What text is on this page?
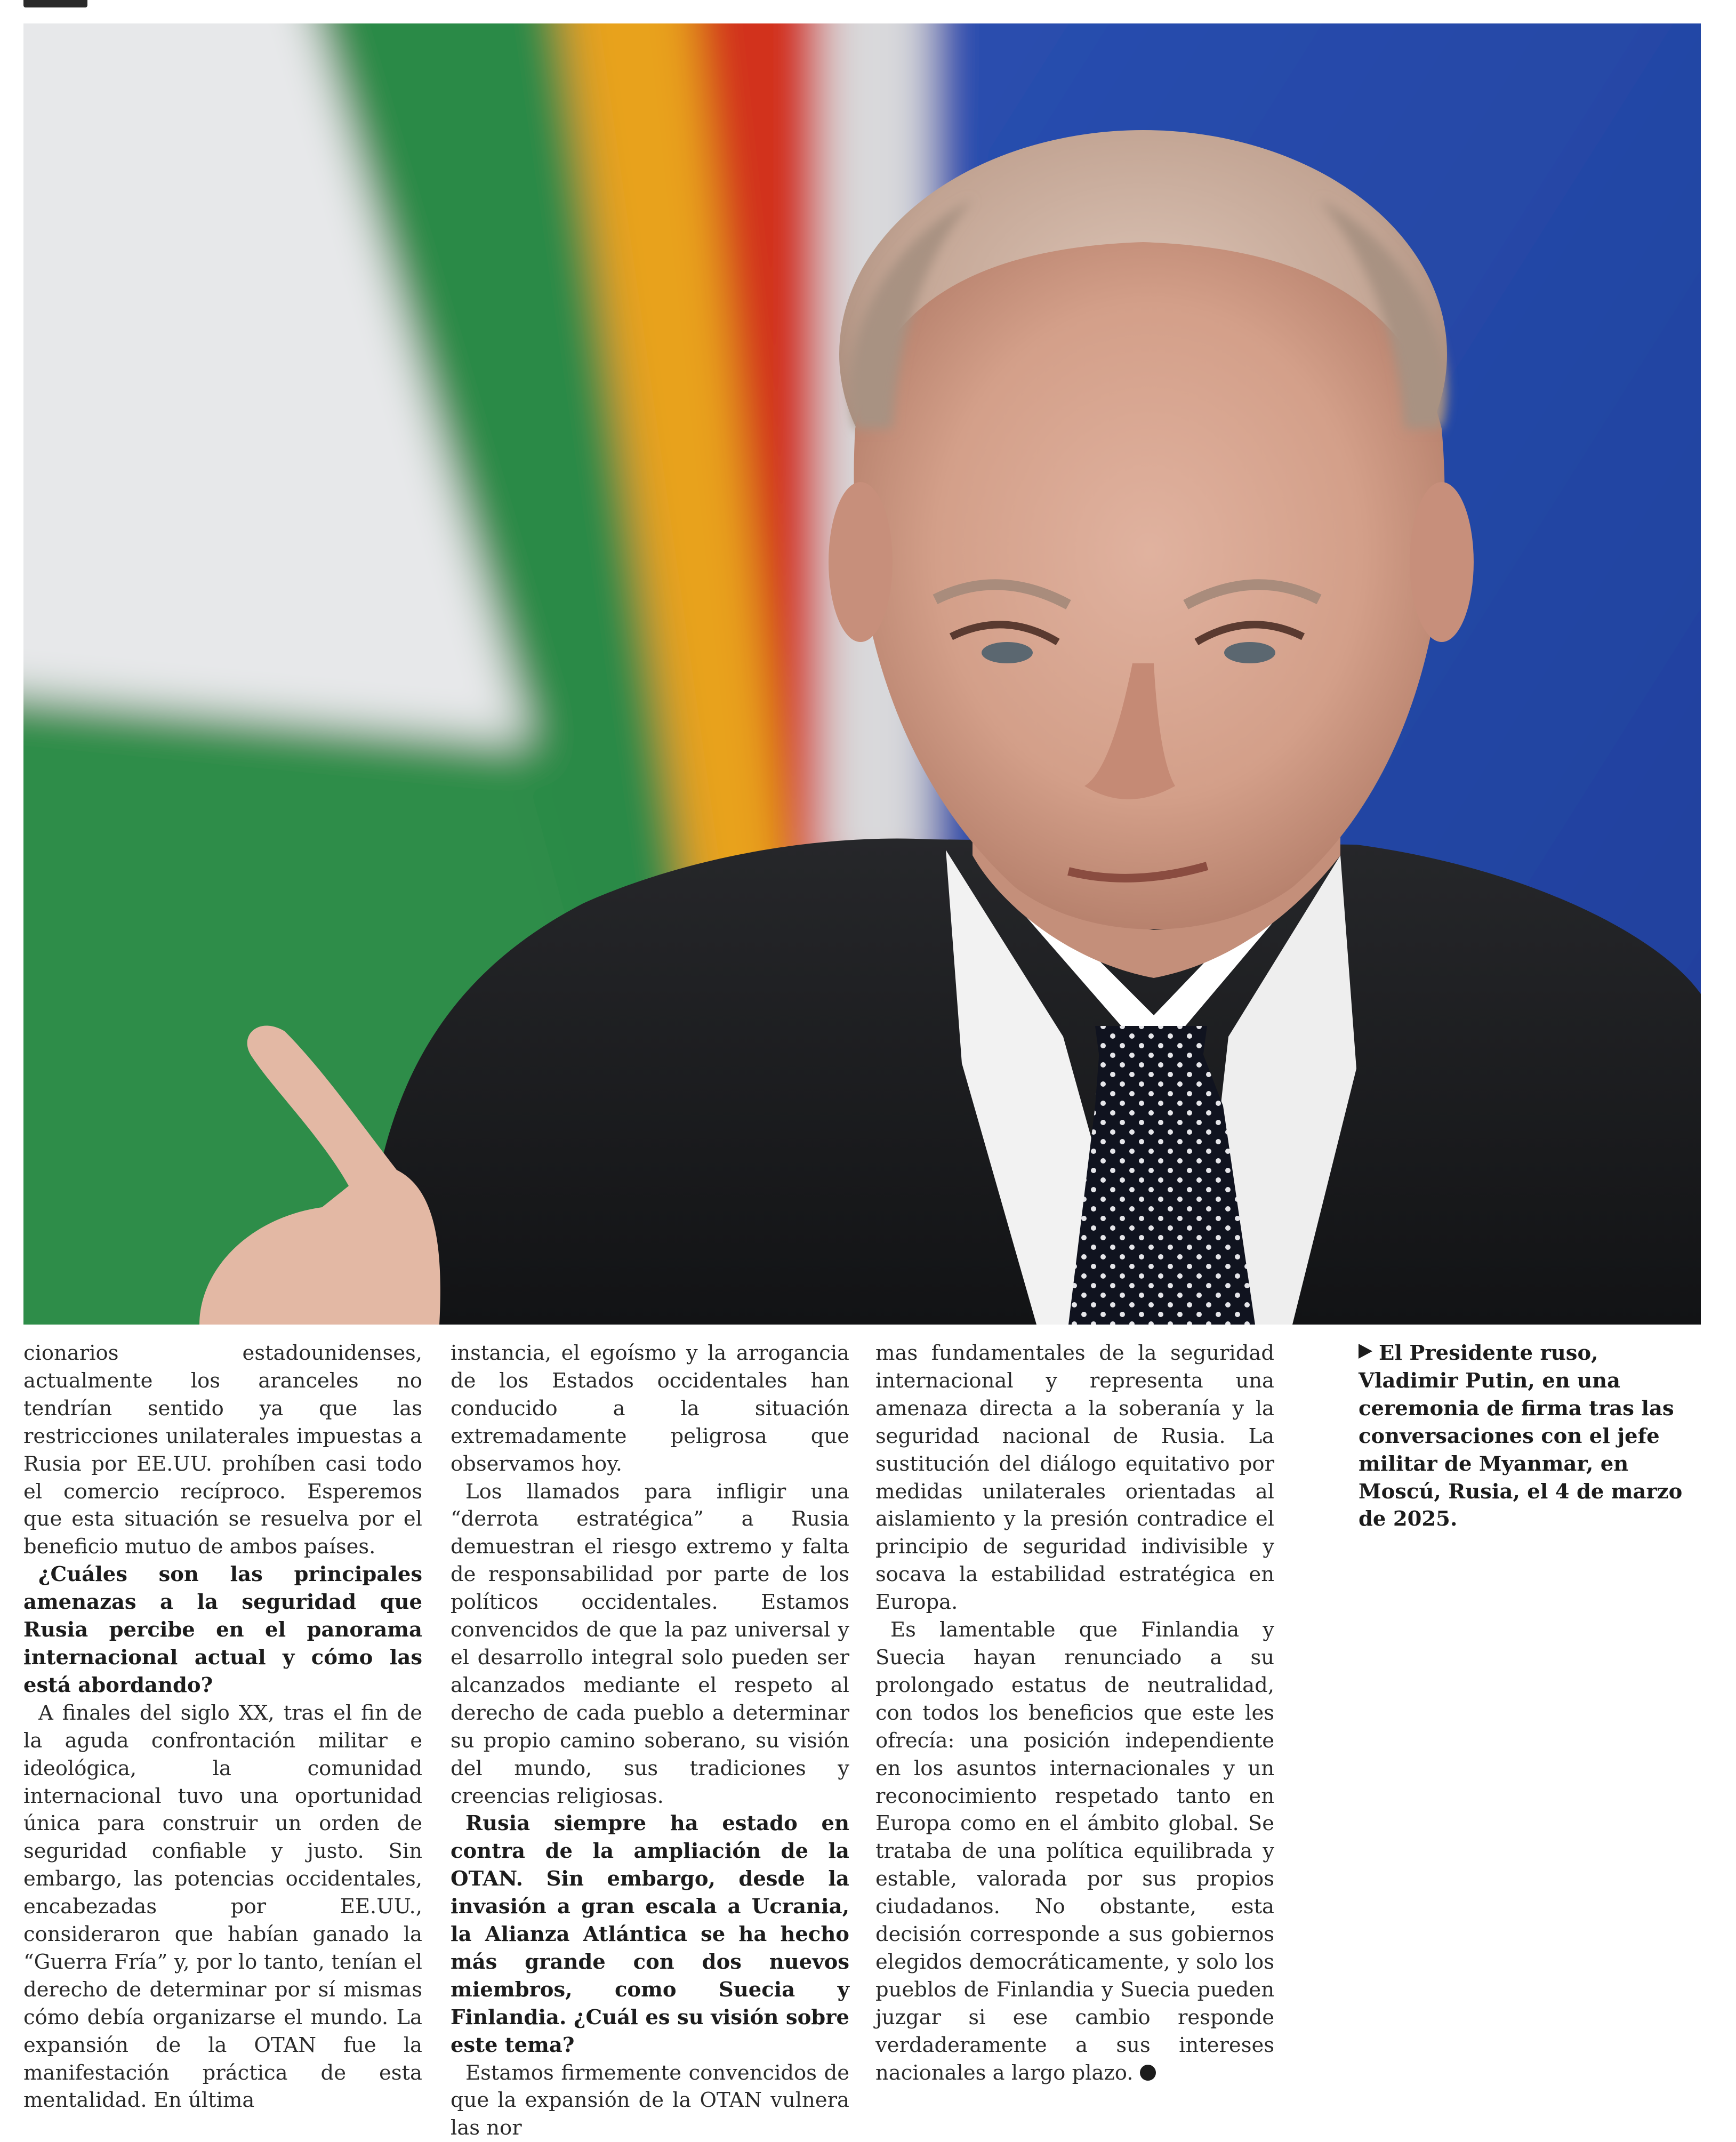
cionarios estadounidenses, actualmente los aranceles no tendrían sentido ya que las restricciones unilaterales impuestas a Rusia por EE.UU. prohíben casi todo el comercio recíproco. Esperemos que esta situación se resuelva por el beneficio mutuo de ambos países.

¿Cuáles son las principales amenazas a la seguridad que Rusia percibe en el panorama internacional actual y cómo las está abordando?

A finales del siglo XX, tras el fin de la aguda confrontación militar e ideológica, la comunidad internacional tuvo una oportunidad única para construir un orden de seguridad confiable y justo. Sin embargo, las potencias occidentales, encabezadas por EE.UU., consideraron que habían ganado la “Guerra Fría” y, por lo tanto, tenían el derecho de determinar por sí mismas cómo debía organizarse el mundo. La expansión de la OTAN fue la manifestación práctica de esta mentalidad. En última

instancia, el egoísmo y la arrogancia de los Estados occidentales han conducido a la situación extremadamente peligrosa que observamos hoy.

Los llamados para infligir una “derrota estratégica” a Rusia demuestran el riesgo extremo y falta de responsabilidad por parte de los políticos occidentales. Estamos convencidos de que la paz universal y el desarrollo integral solo pueden ser alcanzados mediante el respeto al derecho de cada pueblo a determinar su propio camino soberano, su visión del mundo, sus tradiciones y creencias religiosas.

Rusia siempre ha estado en contra de la ampliación de la OTAN. Sin embargo, desde la invasión a gran escala a Ucrania, la Alianza Atlántica se ha hecho más grande con dos nuevos miembros, como Suecia y Finlandia. ¿Cuál es su visión sobre este tema?

Estamos firmemente convencidos de que la expansión de la OTAN vulnera las nor

mas fundamentales de la seguridad internacional y representa una amenaza directa a la soberanía y la seguridad nacional de Rusia. La sustitución del diálogo equitativo por medidas unilaterales orientadas al aislamiento y la presión contradice el principio de seguridad indivisible y socava la estabilidad estratégica en Europa.

Es lamentable que Finlandia y Suecia hayan renunciado a su prolongado estatus de neutralidad, con todos los beneficios que este les ofrecía: una posición independiente en los asuntos internacionales y un reconocimiento respetado tanto en Europa como en el ámbito global. Se trataba de una política equilibrada y estable, valorada por sus propios ciudadanos. No obstante, esta decisión corresponde a sus gobiernos elegidos democráticamente, y solo los pueblos de Finlandia y Suecia pueden juzgar si ese cambio responde verdaderamente a sus intereses nacionales a largo plazo.

El Presidente ruso, Vladimir Putin, en una ceremonia de firma tras las conversaciones con el jefe militar de Myanmar, en Moscú, Rusia, el 4 de marzo de 2025.
